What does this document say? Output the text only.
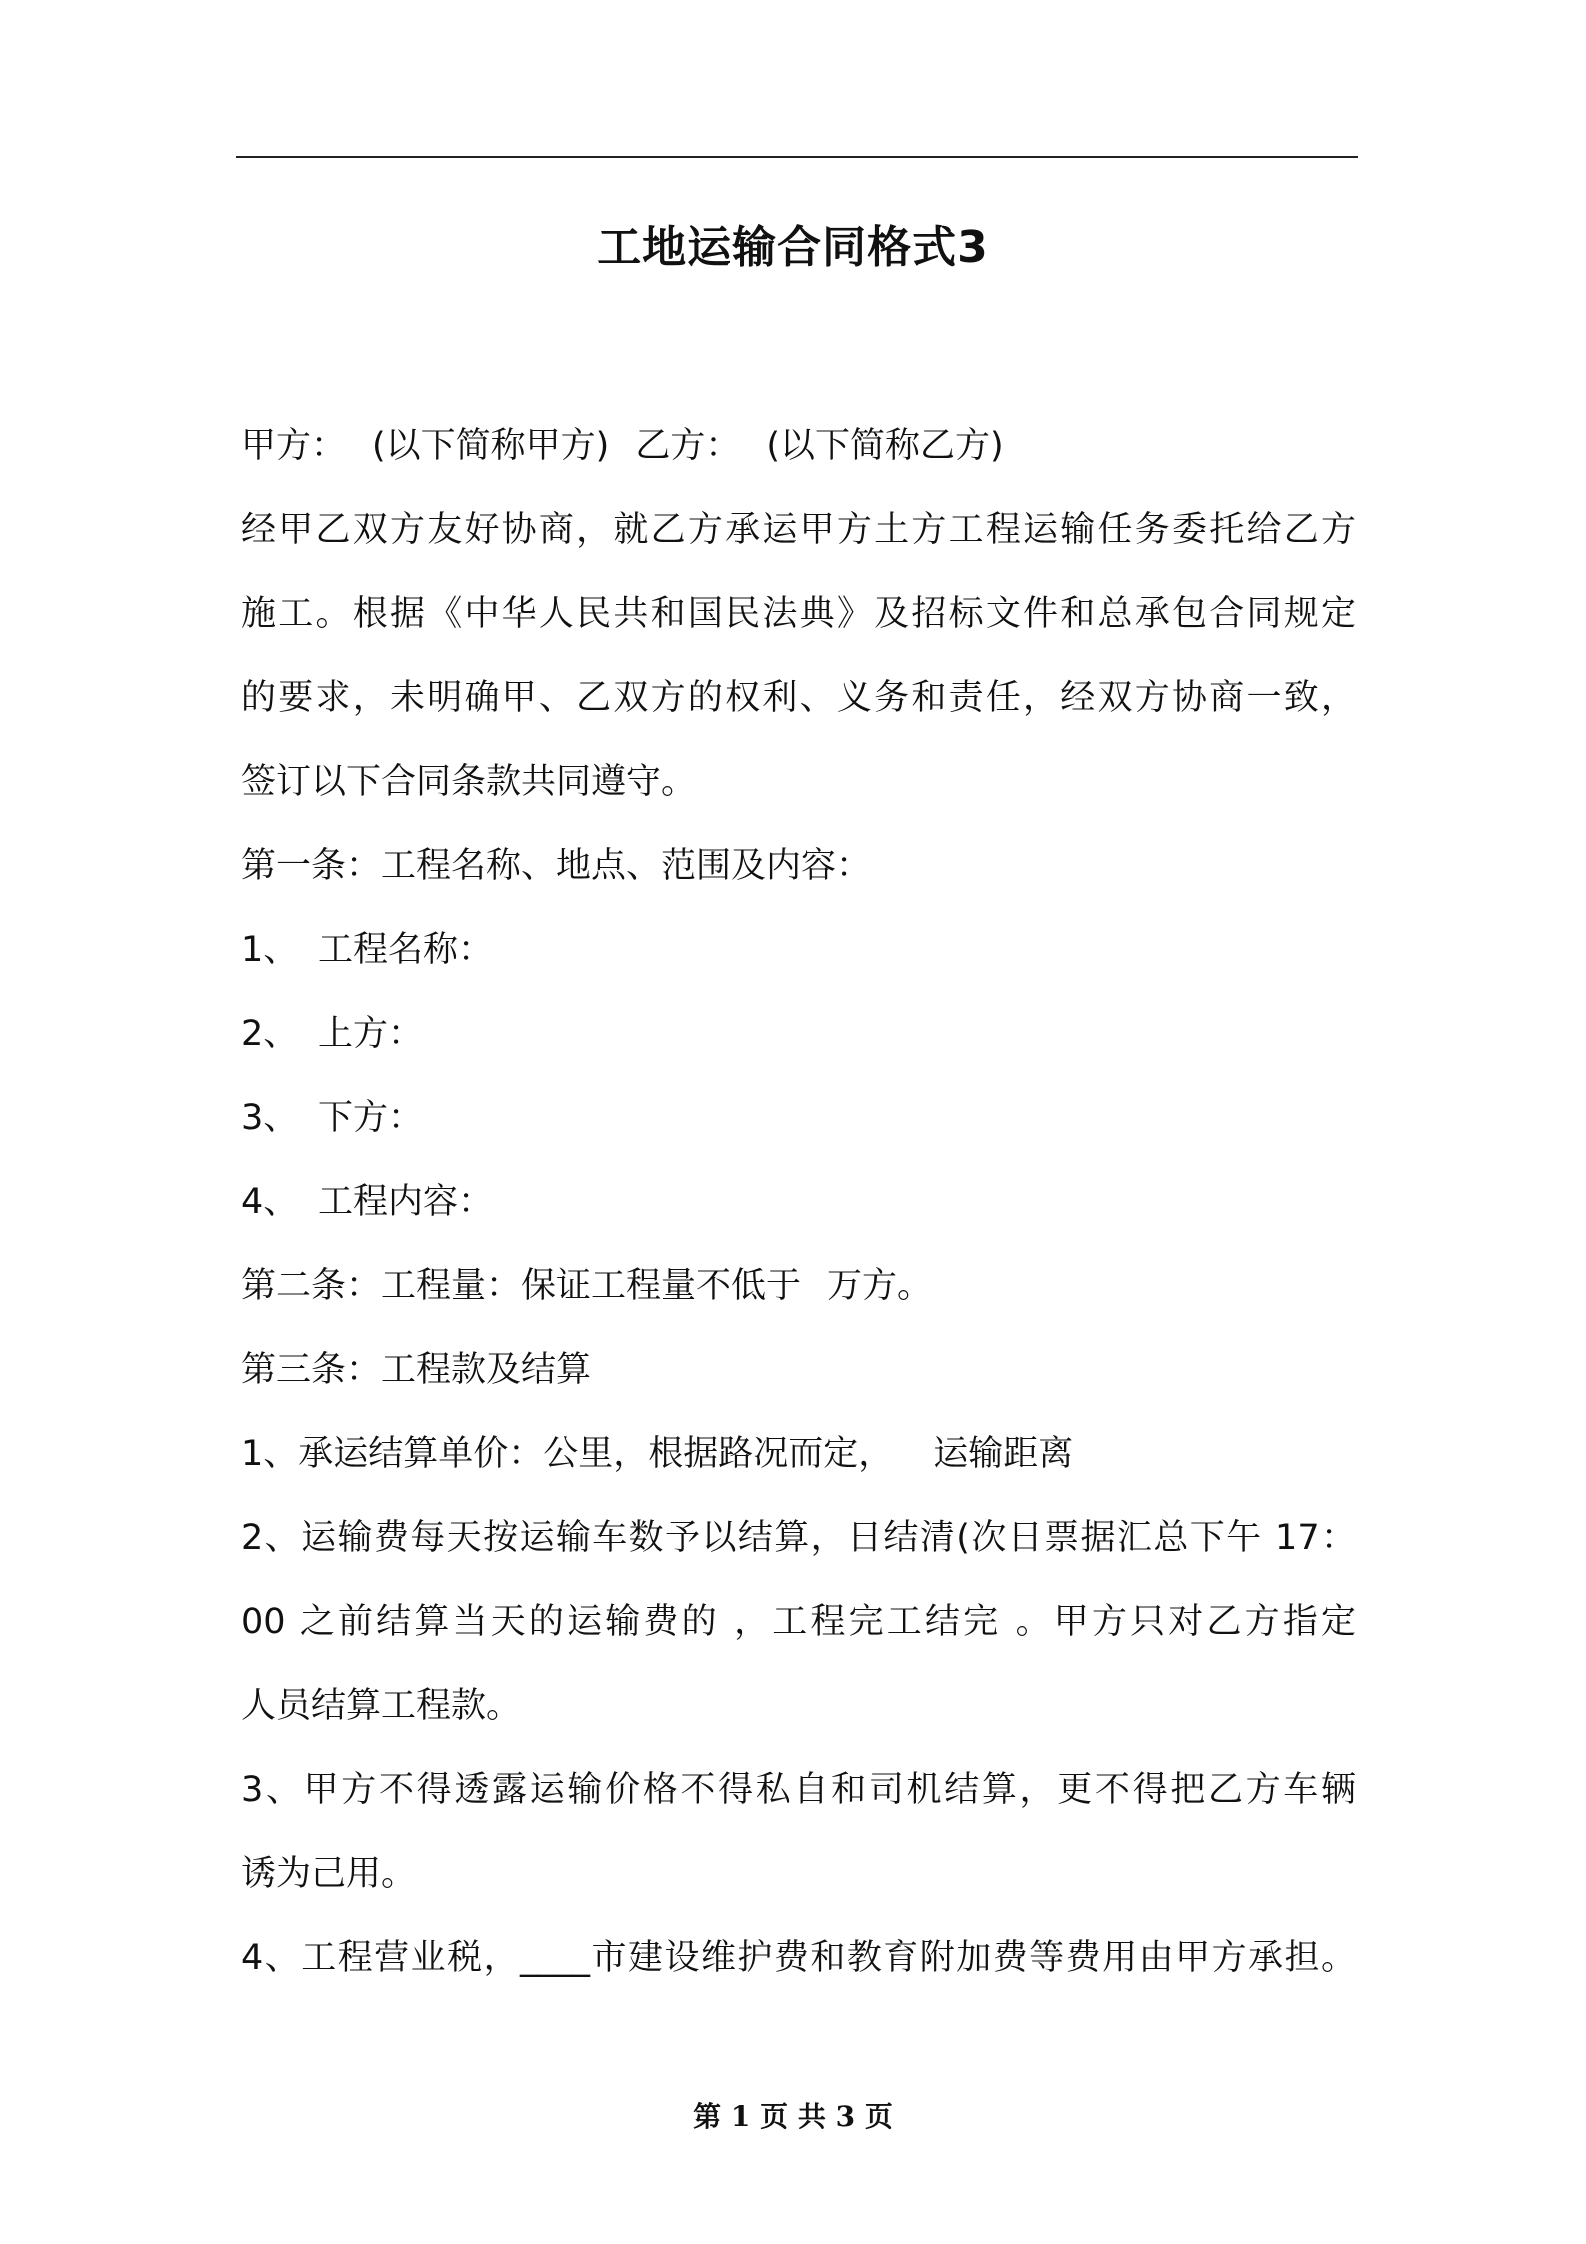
工地运输合同格式3
甲方： (以下简称甲方) 乙方： (以下简称乙方)
经甲乙双方友好协商，就乙方承运甲方土方工程运输任务委托给乙方
施工。根据《中华人民共和国民法典》及招标文件和总承包合同规定
的要求，未明确甲、乙双方的权利、义务和责任，经双方协商一致，
签订以下合同条款共同遵守。
第一条：工程名称、地点、范围及内容：
1、 工程名称：
2、 上方：
3、 下方：
4、 工程内容：
第二条：工程量：保证工程量不低于 万方。
第三条：工程款及结算
1、承运结算单价：公里，根据路况而定， 运输距离
2、运输费每天按运输车数予以结算，日结清(次日票据汇总下午 17：
00 之前结算当天的运输费的 ，工程完工结完 。甲方只对乙方指定
人员结算工程款。
3、甲方不得透露运输价格不得私自和司机结算，更不得把乙方车辆
诱为己用。
4、工程营业税，____市建设维护费和教育附加费等费用由甲方承担。
第 1 页 共 3 页
